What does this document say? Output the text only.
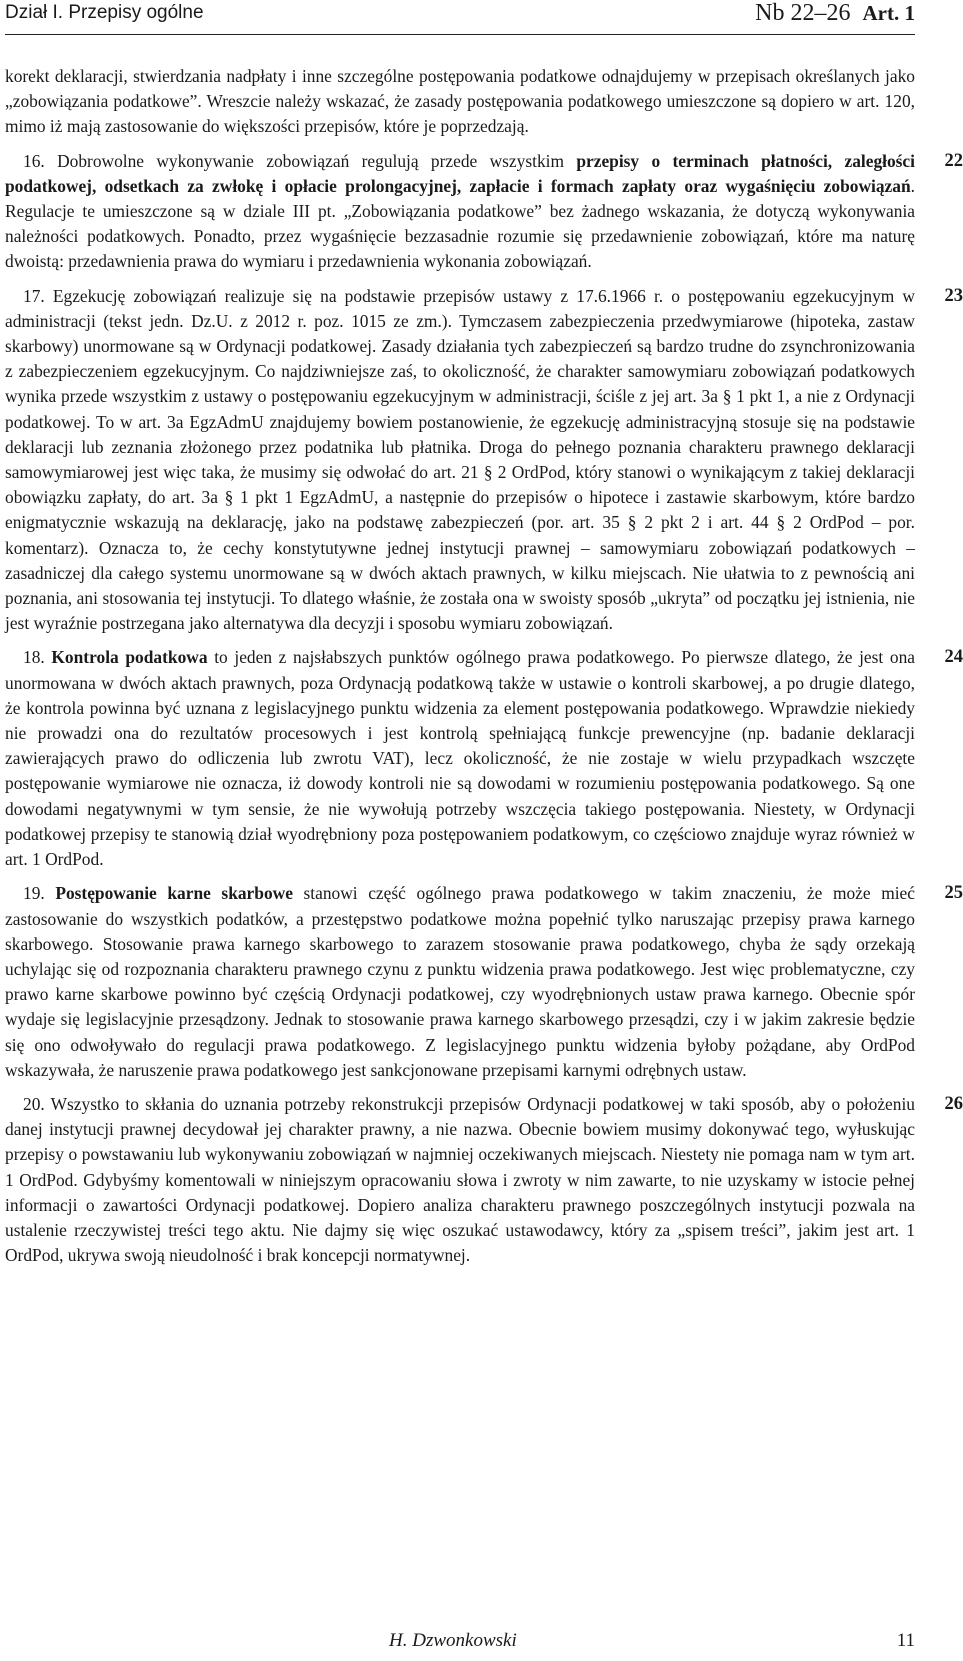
Dział I. Przepisy ogólne	Nb 22–26 Art. 1

korekt deklaracji, stwierdzania nadpłaty i inne szczególne postępowania podatkowe odnajdujemy w przepisach określanych jako „zobowiązania podatkowe”. Wreszcie należy wskazać, że zasady postępowania podatkowego umieszczone są dopiero w art. 120, mimo iż mają zastosowanie do większości przepisów, które je poprzedzają.

22
16. Dobrowolne wykonywanie zobowiązań regulują przede wszystkim przepisy o terminach płatności, zaległości podatkowej, odsetkach za zwłokę i opłacie prolongacyjnej, zapłacie i formach zapłaty oraz wygaśnięciu zobowiązań. Regulacje te umieszczone są w dziale III pt. „Zobowiązania podatkowe” bez żadnego wskazania, że dotyczą wykonywania należności podatkowych. Ponadto, przez wygaśnięcie bezzasadnie rozumie się przedawnienie zobowiązań, które ma naturę dwoistą: przedawnienia prawa do wymiaru i przedawnienia wykonania zobowiązań.

23
17. Egzekucję zobowiązań realizuje się na podstawie przepisów ustawy z 17.6.1966 r. o postępowaniu egzekucyjnym w administracji (tekst jedn. Dz.U. z 2012 r. poz. 1015 ze zm.). Tymczasem zabezpieczenia przedwymiarowe (hipoteka, zastaw skarbowy) unormowane są w Ordynacji podatkowej. Zasady działania tych zabezpieczeń są bardzo trudne do zsynchronizowania z zabezpieczeniem egzekucyjnym. Co najdziwniejsze zaś, to okoliczność, że charakter samowymiaru zobowiązań podatkowych wynika przede wszystkim z ustawy o postępowaniu egzekucyjnym w administracji, ściśle z jej art. 3a § 1 pkt 1, a nie z Ordynacji podatkowej. To w art. 3a EgzAdmU znajdujemy bowiem postanowienie, że egzekucję administracyjną stosuje się na podstawie deklaracji lub zeznania złożonego przez podatnika lub płatnika. Droga do pełnego poznania charakteru prawnego deklaracji samowymiarowej jest więc taka, że musimy się odwołać do art. 21 § 2 OrdPod, który stanowi o wynikającym z takiej deklaracji obowiązku zapłaty, do art. 3a § 1 pkt 1 EgzAdmU, a następnie do przepisów o hipotece i zastawie skarbowym, które bardzo enigmatycznie wskazują na deklarację, jako na podstawę zabezpieczeń (por. art. 35 § 2 pkt 2 i art. 44 § 2 OrdPod – por. komentarz). Oznacza to, że cechy konstytutywne jednej instytucji prawnej – samowymiaru zobowiązań podatkowych – zasadniczej dla całego systemu unormowane są w dwóch aktach prawnych, w kilku miejscach. Nie ułatwia to z pewnością ani poznania, ani stosowania tej instytucji. To dlatego właśnie, że została ona w swoisty sposób „ukryta” od początku jej istnienia, nie jest wyraźnie postrzegana jako alternatywa dla decyzji i sposobu wymiaru zobowiązań.

24
18. Kontrola podatkowa to jeden z najsłabszych punktów ogólnego prawa podatkowego. Po pierwsze dlatego, że jest ona unormowana w dwóch aktach prawnych, poza Ordynacją podatkową także w ustawie o kontroli skarbowej, a po drugie dlatego, że kontrola powinna być uznana z legislacyjnego punktu widzenia za element postępowania podatkowego. Wprawdzie niekiedy nie prowadzi ona do rezultatów procesowych i jest kontrolą spełniającą funkcje prewencyjne (np. badanie deklaracji zawierających prawo do odliczenia lub zwrotu VAT), lecz okoliczność, że nie zostaje w wielu przypadkach wszczęte postępowanie wymiarowe nie oznacza, iż dowody kontroli nie są dowodami w rozumieniu postępowania podatkowego. Są one dowodami negatywnymi w tym sensie, że nie wywołują potrzeby wszczęcia takiego postępowania. Niestety, w Ordynacji podatkowej przepisy te stanowią dział wyodrębniony poza postępowaniem podatkowym, co częściowo znajduje wyraz również w art. 1 OrdPod.

25
19. Postępowanie karne skarbowe stanowi część ogólnego prawa podatkowego w takim znaczeniu, że może mieć zastosowanie do wszystkich podatków, a przestępstwo podatkowe można popełnić tylko naruszając przepisy prawa karnego skarbowego. Stosowanie prawa karnego skarbowego to zarazem stosowanie prawa podatkowego, chyba że sądy orzekają uchylając się od rozpoznania charakteru prawnego czynu z punktu widzenia prawa podatkowego. Jest więc problematyczne, czy prawo karne skarbowe powinno być częścią Ordynacji podatkowej, czy wyodrębnionych ustaw prawa karnego. Obecnie spór wydaje się legislacyjnie przesądzony. Jednak to stosowanie prawa karnego skarbowego przesądzi, czy i w jakim zakresie będzie się ono odwoływało do regulacji prawa podatkowego. Z legislacyjnego punktu widzenia byłoby pożądane, aby OrdPod wskazywała, że naruszenie prawa podatkowego jest sankcjonowane przepisami karnymi odrębnych ustaw.

26
20. Wszystko to skłania do uznania potrzeby rekonstrukcji przepisów Ordynacji podatkowej w taki sposób, aby o położeniu danej instytucji prawnej decydował jej charakter prawny, a nie nazwa. Obecnie bowiem musimy dokonywać tego, wyłuskując przepisy o powstawaniu lub wykonywaniu zobowiązań w najmniej oczekiwanych miejscach. Niestety nie pomaga nam w tym art. 1 OrdPod. Gdybyśmy komentowali w niniejszym opracowaniu słowa i zwroty w nim zawarte, to nie uzyskamy w istocie pełnej informacji o zawartości Ordynacji podatkowej. Dopiero analiza charakteru prawnego poszczególnych instytucji pozwala na ustalenie rzeczywistej treści tego aktu. Nie dajmy się więc oszukać ustawodawcy, który za „spisem treści”, jakim jest art. 1 OrdPod, ukrywa swoją nieudolność i brak koncepcji normatywnej.

H. Dzwonkowski	11
